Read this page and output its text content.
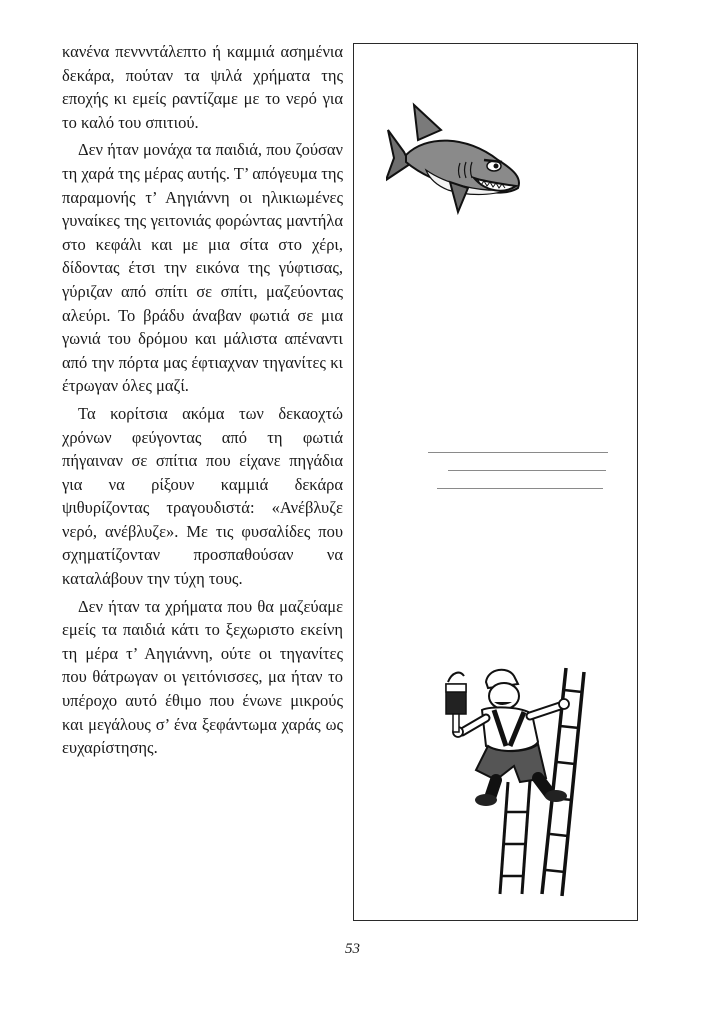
κανένα πεννντάλεπτο ή καμμιά ασημένια δεκάρα, πούταν τα ψιλά χρήματα της εποχής κι εμείς ραντίζαμε με το νερό για το καλό του σπιτιού.

Δεν ήταν μονάχα τα παιδιά, που ζούσαν τη χαρά της μέρας αυτής. Τ’ απόγευμα της παραμονής τ’ Αηγιάννη οι ηλικιωμένες γυναίκες της γειτονιάς φορώντας μαντήλα στο κεφάλι και με μια σίτα στο χέρι, δίδοντας έτσι την εικόνα της γύφτισας, γύριζαν από σπίτι σε σπίτι, μαζεύοντας αλεύρι. Το βράδυ άναβαν φωτιά σε μια γωνιά του δρόμου και μάλιστα απέναντι από την πόρτα μας έφτιαχναν τηγανίτες κι έτρωγαν όλες μαζί.

Τα κορίτσια ακόμα των δεκαοχτώ χρόνων φεύγοντας από τη φωτιά πήγαιναν σε σπίτια που είχανε πηγάδια για να ρίξουν καμμιά δεκάρα ψιθυρίζοντας τραγουδιστά: «Ανέβλυζε νερό, ανέβλυζε». Με τις φυσαλίδες που σχηματίζονταν προσπαθούσαν να καταλάβουν την τύχη τους.

Δεν ήταν τα χρήματα που θα μαζεύαμε εμείς τα παιδιά κάτι το ξεχωριστο εκείνη τη μέρα τ’ Αηγιάννη, ούτε οι τηγανίτες που θάτρωγαν οι γειτόνισσες, μα ήταν το υπέροχο αυτό έθιμο που ένωνε μικρούς και μεγάλους σ’ ένα ξεφάντωμα χαράς ως ευχαρίστησης.

53
